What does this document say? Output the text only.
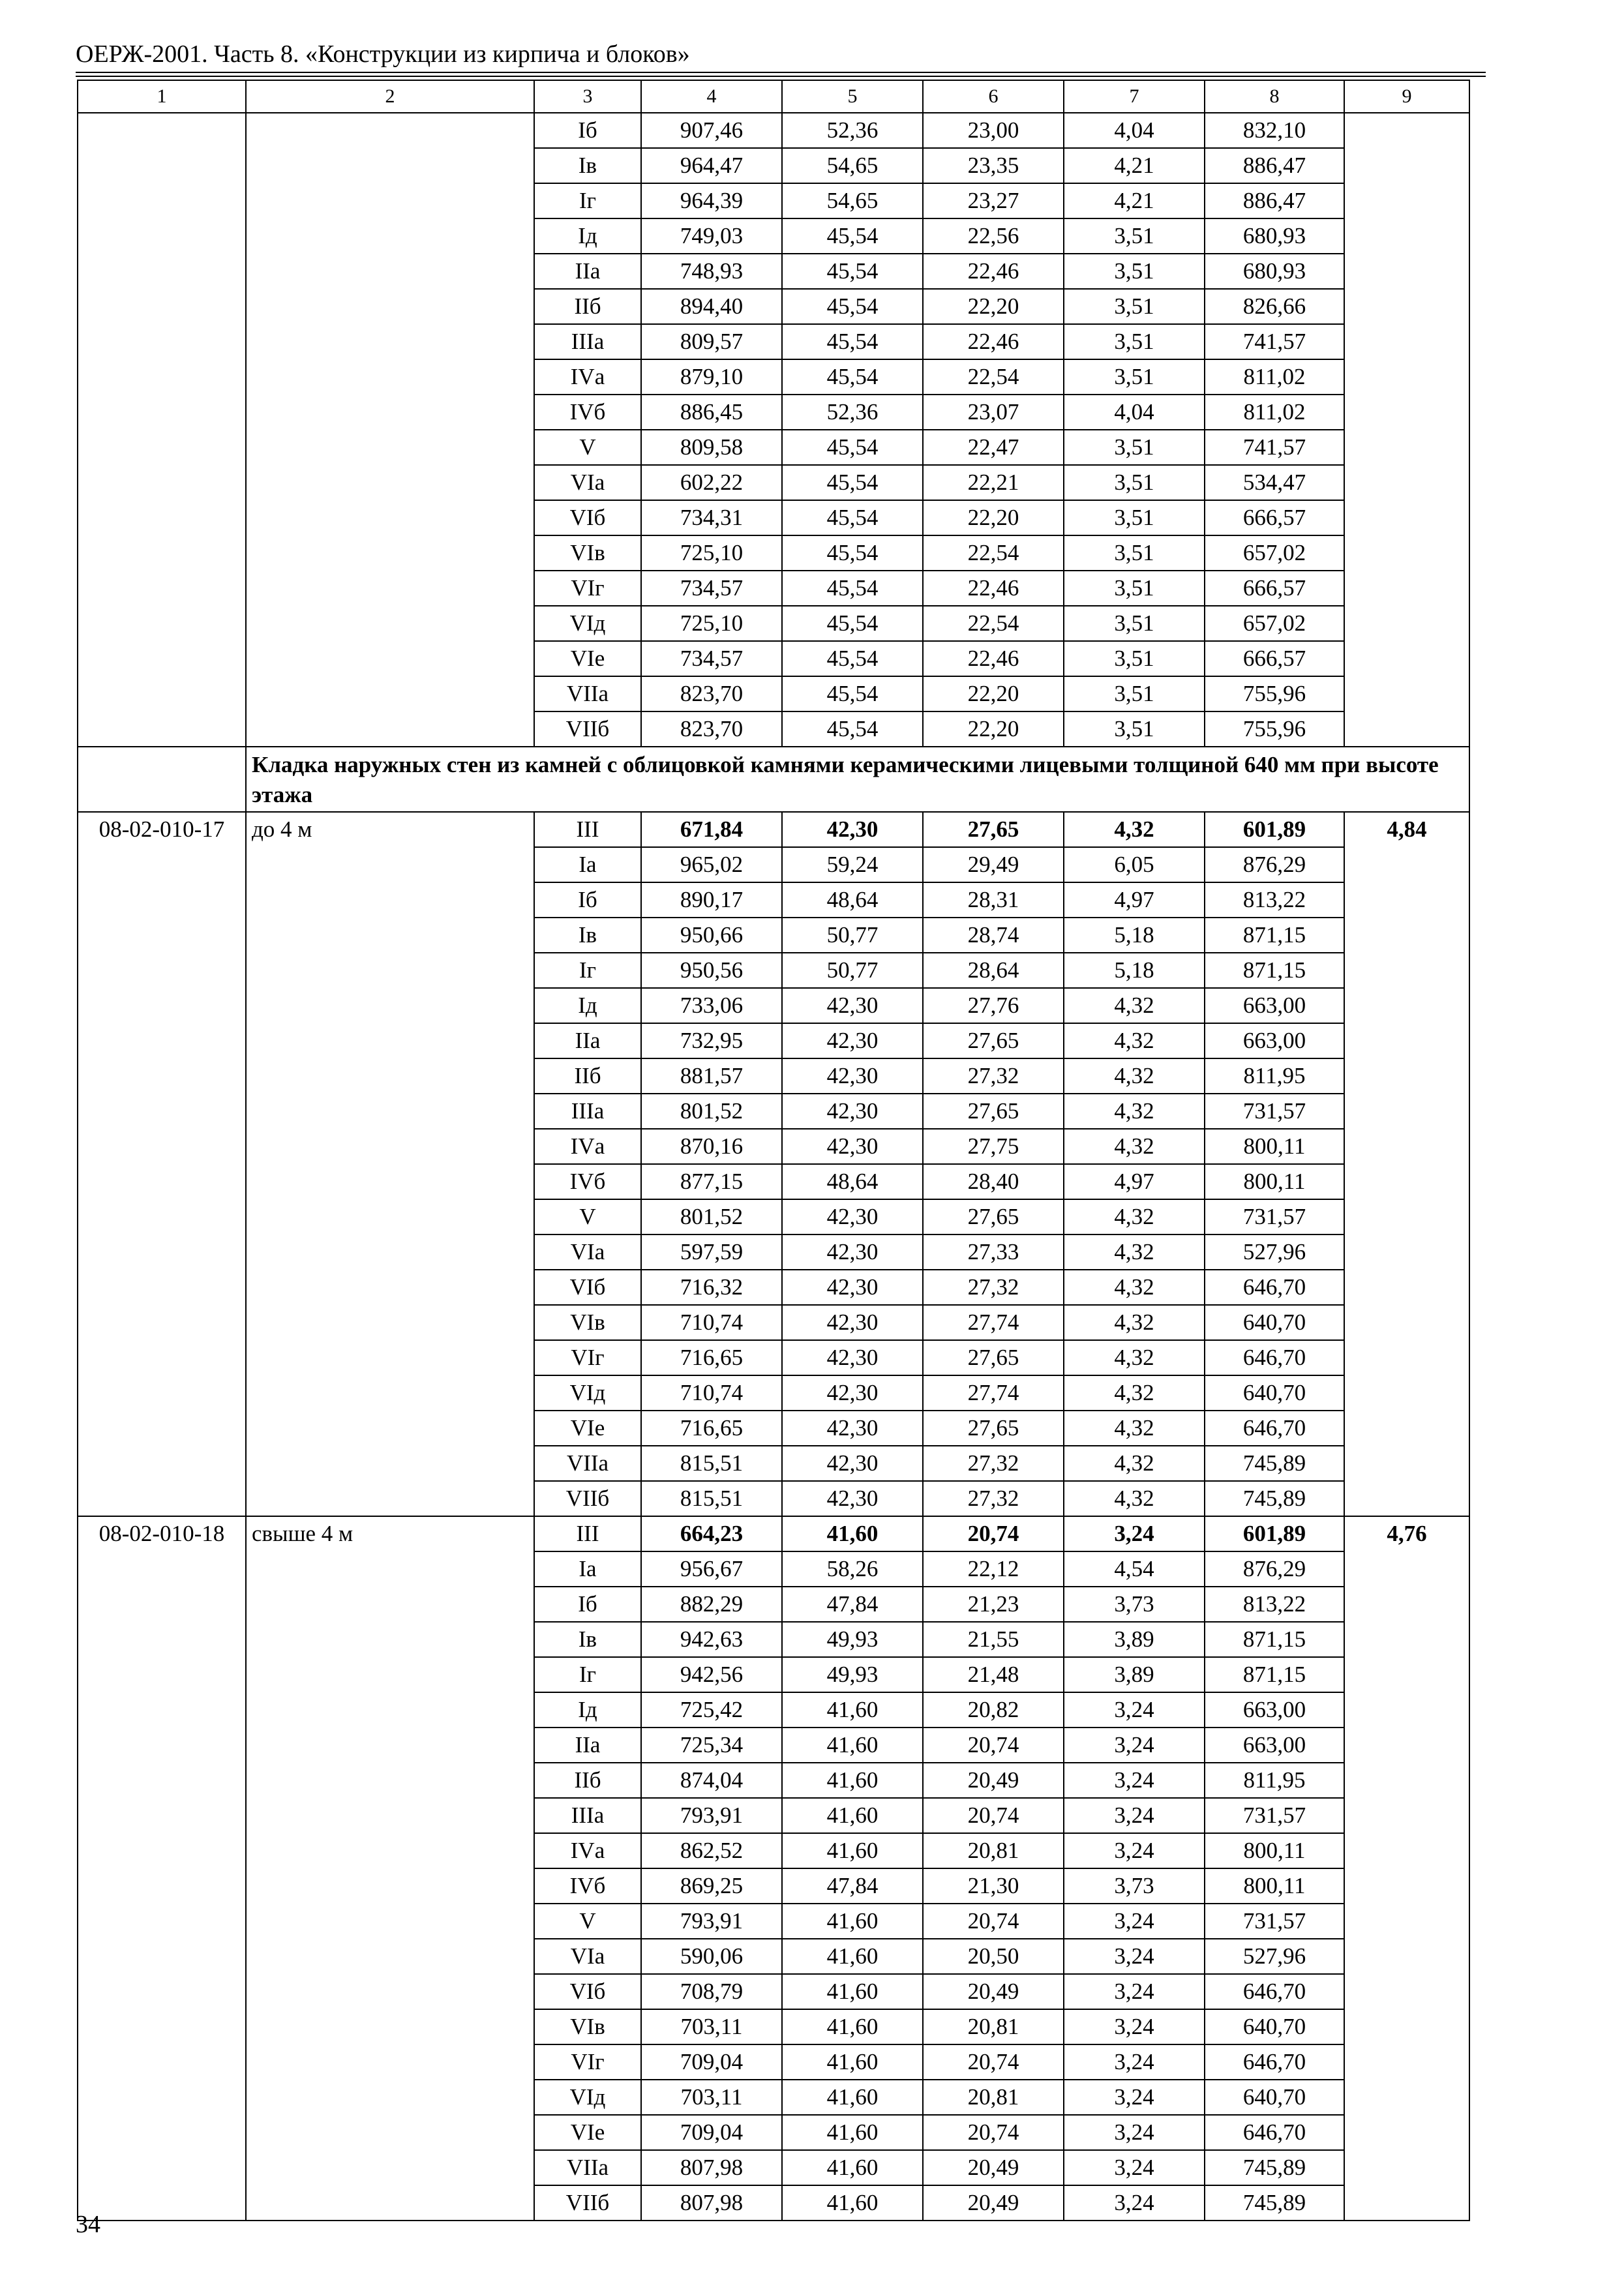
ОЕРЖ-2001. Часть 8. «Конструкции из кирпича и блоков»
1	2	3	4	5	6	7	8	9
		Iб	907,46	52,36	23,00	4,04	832,10	
		Iв	964,47	54,65	23,35	4,21	886,47	
		Iг	964,39	54,65	23,27	4,21	886,47	
		Iд	749,03	45,54	22,56	3,51	680,93	
		IIа	748,93	45,54	22,46	3,51	680,93	
		IIб	894,40	45,54	22,20	3,51	826,66	
		IIIа	809,57	45,54	22,46	3,51	741,57	
		IVа	879,10	45,54	22,54	3,51	811,02	
		IVб	886,45	52,36	23,07	4,04	811,02	
		V	809,58	45,54	22,47	3,51	741,57	
		VIа	602,22	45,54	22,21	3,51	534,47	
		VIб	734,31	45,54	22,20	3,51	666,57	
		VIв	725,10	45,54	22,54	3,51	657,02	
		VIг	734,57	45,54	22,46	3,51	666,57	
		VIд	725,10	45,54	22,54	3,51	657,02	
		VIе	734,57	45,54	22,46	3,51	666,57	
		VIIа	823,70	45,54	22,20	3,51	755,96	
		VIIб	823,70	45,54	22,20	3,51	755,96	
	Кладка наружных стен из камней с облицовкой камнями керамическими лицевыми толщиной 640 мм при высоте этажа							
08-02-010-17	до 4 м	III	671,84	42,30	27,65	4,32	601,89	4,84
		Iа	965,02	59,24	29,49	6,05	876,29	
		Iб	890,17	48,64	28,31	4,97	813,22	
		Iв	950,66	50,77	28,74	5,18	871,15	
		Iг	950,56	50,77	28,64	5,18	871,15	
		Iд	733,06	42,30	27,76	4,32	663,00	
		IIа	732,95	42,30	27,65	4,32	663,00	
		IIб	881,57	42,30	27,32	4,32	811,95	
		IIIа	801,52	42,30	27,65	4,32	731,57	
		IVа	870,16	42,30	27,75	4,32	800,11	
		IVб	877,15	48,64	28,40	4,97	800,11	
		V	801,52	42,30	27,65	4,32	731,57	
		VIа	597,59	42,30	27,33	4,32	527,96	
		VIб	716,32	42,30	27,32	4,32	646,70	
		VIв	710,74	42,30	27,74	4,32	640,70	
		VIг	716,65	42,30	27,65	4,32	646,70	
		VIд	710,74	42,30	27,74	4,32	640,70	
		VIе	716,65	42,30	27,65	4,32	646,70	
		VIIа	815,51	42,30	27,32	4,32	745,89	
		VIIб	815,51	42,30	27,32	4,32	745,89	
08-02-010-18	свыше 4 м	III	664,23	41,60	20,74	3,24	601,89	4,76
		Iа	956,67	58,26	22,12	4,54	876,29	
		Iб	882,29	47,84	21,23	3,73	813,22	
		Iв	942,63	49,93	21,55	3,89	871,15	
		Iг	942,56	49,93	21,48	3,89	871,15	
		Iд	725,42	41,60	20,82	3,24	663,00	
		IIа	725,34	41,60	20,74	3,24	663,00	
		IIб	874,04	41,60	20,49	3,24	811,95	
		IIIа	793,91	41,60	20,74	3,24	731,57	
		IVа	862,52	41,60	20,81	3,24	800,11	
		IVб	869,25	47,84	21,30	3,73	800,11	
		V	793,91	41,60	20,74	3,24	731,57	
		VIа	590,06	41,60	20,50	3,24	527,96	
		VIб	708,79	41,60	20,49	3,24	646,70	
		VIв	703,11	41,60	20,81	3,24	640,70	
		VIг	709,04	41,60	20,74	3,24	646,70	
		VIд	703,11	41,60	20,81	3,24	640,70	
		VIе	709,04	41,60	20,74	3,24	646,70	
		VIIа	807,98	41,60	20,49	3,24	745,89	
		VIIб	807,98	41,60	20,49	3,24	745,89	
34
